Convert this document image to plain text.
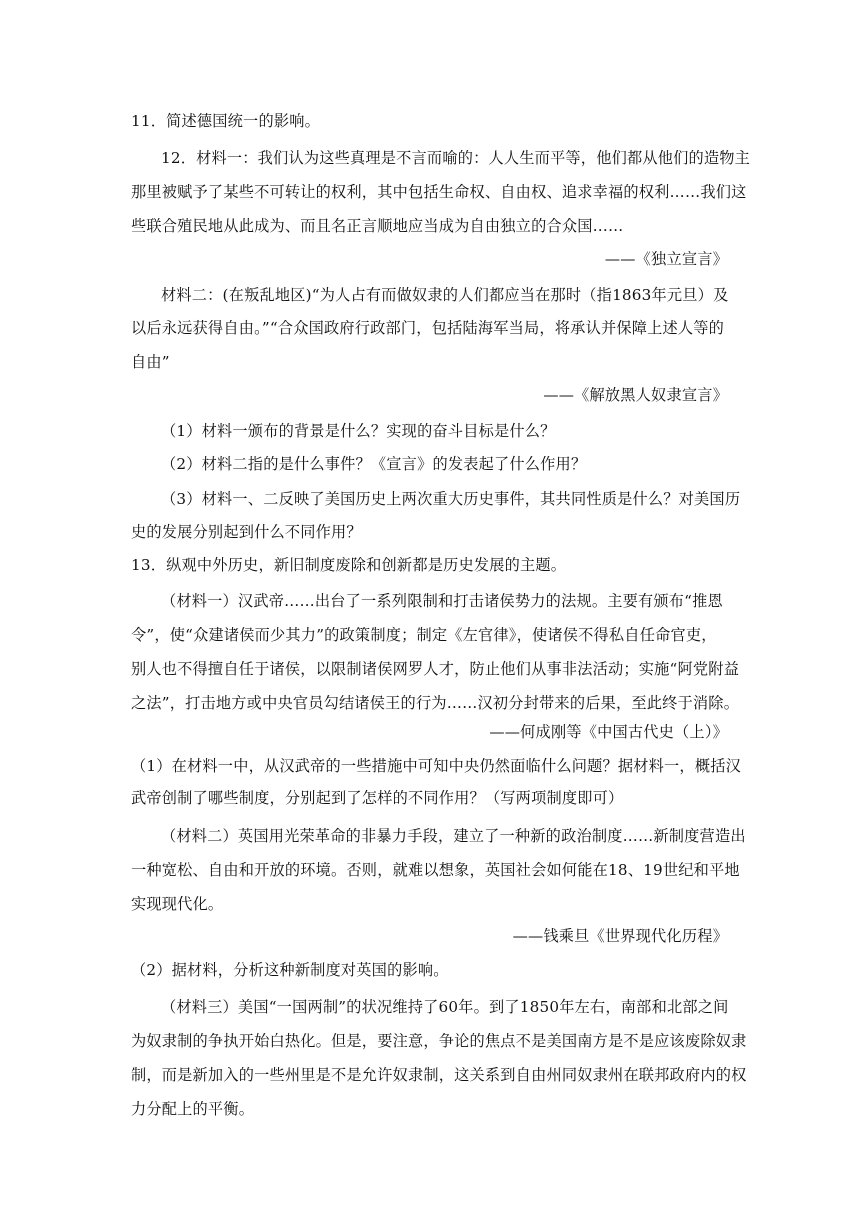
11．简述德国统一的影响。
12．材料一：我们认为这些真理是不言而喻的：人人生而平等，他们都从他们的造物主
那里被赋予了某些不可转让的权利，其中包括生命权、自由权、追求幸福的权利……我们这
些联合殖民地从此成为、而且名正言顺地应当成为自由独立的合众国……
——《独立宣言》
材料二：(在叛乱地区)“为人占有而做奴隶的人们都应当在那时（指1863年元旦）及
以后永远获得自由。”“合众国政府行政部门，包括陆海军当局，将承认并保障上述人等的
自由”
——《解放黑人奴隶宣言》
（1）材料一颁布的背景是什么？实现的奋斗目标是什么？
（2）材料二指的是什么事件？《宣言》的发表起了什么作用？
（3）材料一、二反映了美国历史上两次重大历史事件，其共同性质是什么？对美国历
史的发展分别起到什么不同作用？
13．纵观中外历史，新旧制度废除和创新都是历史发展的主题。
（材料一）汉武帝……出台了一系列限制和打击诸侯势力的法规。主要有颁布“推恩
令”，使“众建诸侯而少其力”的政策制度；制定《左官律》，使诸侯不得私自任命官吏，
别人也不得擅自任于诸侯，以限制诸侯网罗人才，防止他们从事非法活动；实施“阿党附益
之法”，打击地方或中央官员勾结诸侯王的行为……汉初分封带来的后果，至此终于消除。
——何成刚等《中国古代史（上）》
（1）在材料一中，从汉武帝的一些措施中可知中央仍然面临什么问题？据材料一，概括汉
武帝创制了哪些制度，分别起到了怎样的不同作用？（写两项制度即可）
（材料二）英国用光荣革命的非暴力手段，建立了一种新的政治制度……新制度营造出
一种宽松、自由和开放的环境。否则，就难以想象，英国社会如何能在18、19世纪和平地
实现现代化。
——钱乘旦《世界现代化历程》
（2）据材料，分析这种新制度对英国的影响。
（材料三）美国“一国两制”的状况维持了60年。到了1850年左右，南部和北部之间
为奴隶制的争执开始白热化。但是，要注意，争论的焦点不是美国南方是不是应该废除奴隶
制，而是新加入的一些州里是不是允许奴隶制，这关系到自由州同奴隶州在联邦政府内的权
力分配上的平衡。
